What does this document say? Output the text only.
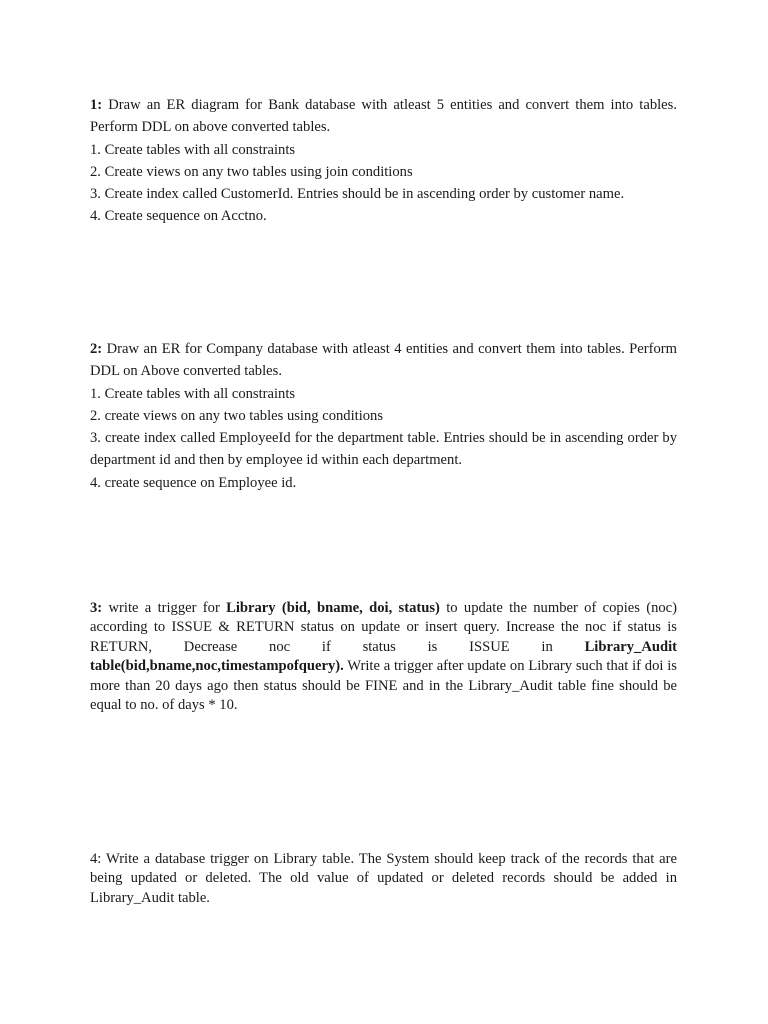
1: Draw an ER diagram for Bank database with atleast 5 entities and convert them into tables. Perform DDL on above converted tables.

1. Create tables with all constraints

2. Create views on any two tables using join conditions

3. Create index called CustomerId. Entries should be in ascending order by customer name.

4. Create sequence on Acctno.

2: Draw an ER for Company database with atleast 4 entities and convert them into tables. Perform DDL on Above converted tables.

1. Create tables with all constraints

2. create views on any two tables using conditions

3. create index called EmployeeId for the department table. Entries should be in ascending order by department id and then by employee id within each department.

4. create sequence on Employee id.

3: write a trigger for Library (bid, bname, doi, status) to update the number of copies (noc) according to ISSUE & RETURN status on update or insert query. Increase the noc if status is RETURN, Decrease noc if status is ISSUE in Library_Audit table(bid,bname,noc,timestampofquery). Write a trigger after update on Library such that if doi is more than 20 days ago then status should be FINE and in the Library_Audit table fine should be equal to no. of days * 10.

4: Write a database trigger on Library table. The System should keep track of the records that are being updated or deleted. The old value of updated or deleted records should be added in Library_Audit table.
